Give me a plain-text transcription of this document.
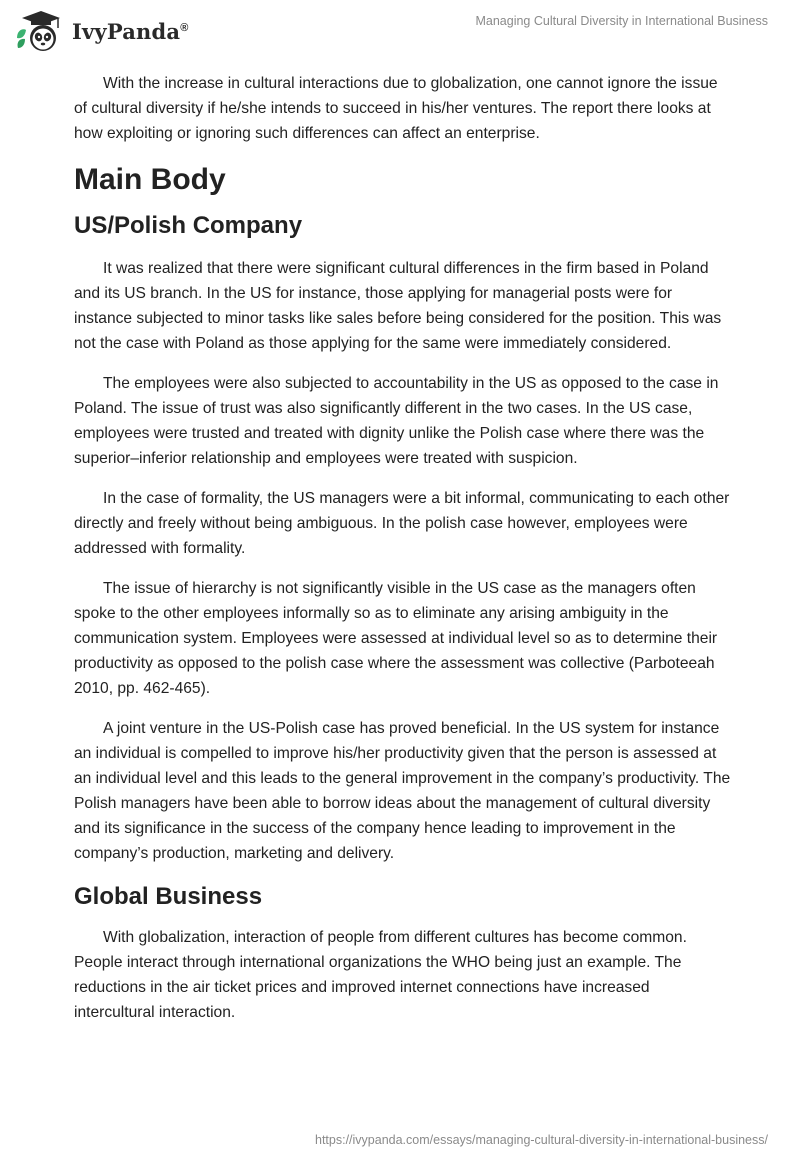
IvyPanda®	Managing Cultural Diversity in International Business

With the increase in cultural interactions due to globalization, one cannot ignore the issue of cultural diversity if he/she intends to succeed in his/her ventures. The report there looks at how exploiting or ignoring such differences can affect an enterprise.

Main Body
US/Polish Company

It was realized that there were significant cultural differences in the firm based in Poland and its US branch. In the US for instance, those applying for managerial posts were for instance subjected to minor tasks like sales before being considered for the position. This was not the case with Poland as those applying for the same were immediately considered.

The employees were also subjected to accountability in the US as opposed to the case in Poland. The issue of trust was also significantly different in the two cases. In the US case, employees were trusted and treated with dignity unlike the Polish case where there was the superior–inferior relationship and employees were treated with suspicion.

In the case of formality, the US managers were a bit informal, communicating to each other directly and freely without being ambiguous. In the polish case however, employees were addressed with formality.

The issue of hierarchy is not significantly visible in the US case as the managers often spoke to the other employees informally so as to eliminate any arising ambiguity in the communication system. Employees were assessed at individual level so as to determine their productivity as opposed to the polish case where the assessment was collective (Parboteeah 2010, pp. 462-465).

A joint venture in the US-Polish case has proved beneficial. In the US system for instance an individual is compelled to improve his/her productivity given that the person is assessed at an individual level and this leads to the general improvement in the company’s productivity. The Polish managers have been able to borrow ideas about the management of cultural diversity and its significance in the success of the company hence leading to improvement in the company’s production, marketing and delivery.

Global Business

With globalization, interaction of people from different cultures has become common. People interact through international organizations the WHO being just an example. The reductions in the air ticket prices and improved internet connections have increased intercultural interaction.

https://ivypanda.com/essays/managing-cultural-diversity-in-international-business/
